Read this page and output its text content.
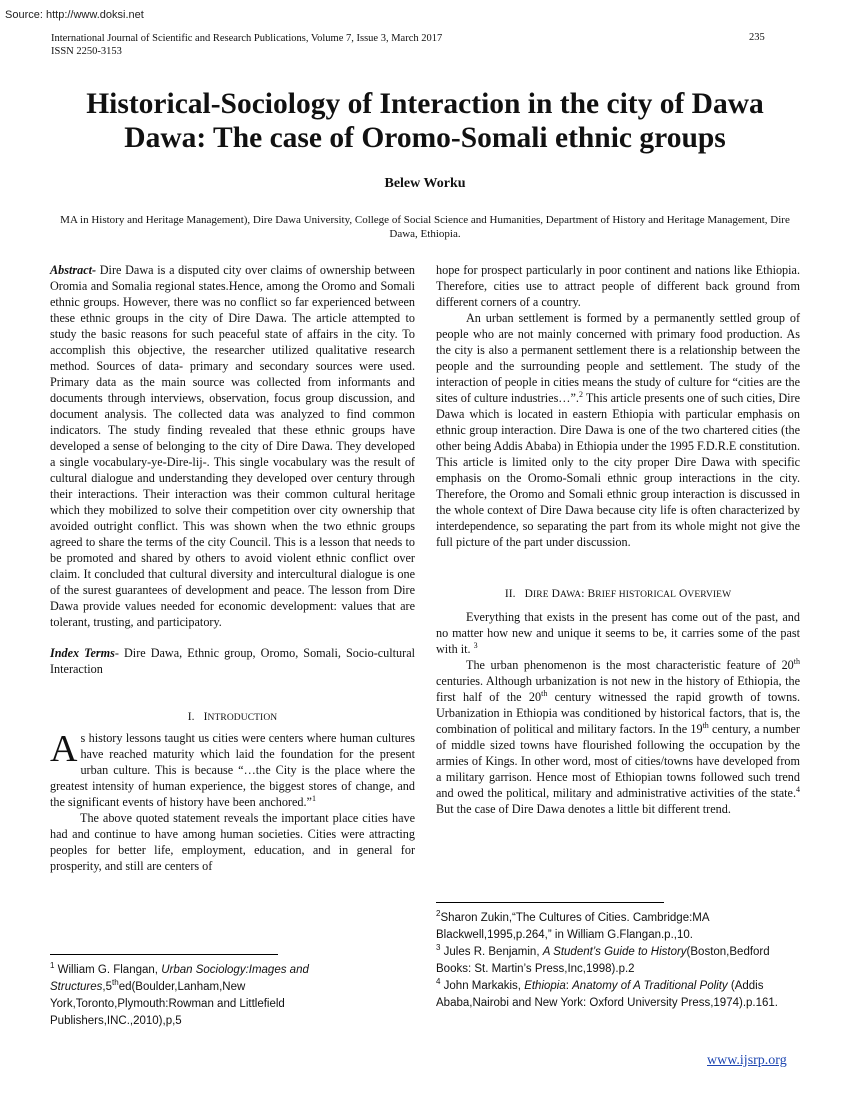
Source: http://www.doksi.net
International Journal of Scientific and Research Publications, Volume 7, Issue 3, March 2017
ISSN 2250-3153
235
Historical-Sociology of Interaction in the city of Dawa
Dawa: The case of Oromo-Somali ethnic groups
Belew Worku
MA in History and Heritage Management), Dire Dawa University, College of Social Science and Humanities, Department of History and Heritage Management, Dire Dawa, Ethiopia.

Abstract- Dire Dawa is a disputed city over claims of ownership between Oromia and Somalia regional states.Hence, among the Oromo and Somali ethnic groups. However, there was no conflict so far experienced between these ethnic groups in the city of Dire Dawa. The article attempted to study the basic reasons for such peaceful state of affairs in the city. To accomplish this objective, the researcher utilized qualitative research method. Sources of data- primary and secondary sources were used. Primary data as the main source was collected from informants and documents through interviews, observation, focus group discussion, and document analysis. The collected data was analyzed to find common indicators. The study finding revealed that these ethnic groups have developed a sense of belonging to the city of Dire Dawa. They developed a single vocabulary-ye-Dire-lij-. This single vocabulary was the result of cultural dialogue and understanding they developed over century through their interactions. Their interaction was their common cultural heritage which they mobilized to solve their competition over city ownership that avoided outright conflict. This was shown when the two ethnic groups agreed to share the terms of the city Council. This is a lesson that needs to be promoted and shared by others to avoid violent ethnic conflict over claim. It concluded that cultural diversity and intercultural dialogue is one of the surest guarantees of development and peace. The lesson from Dire Dawa provide values needed for economic development: values that are tolerant, trusting, and participatory.

Index Terms- Dire Dawa, Ethnic group, Oromo, Somali, Socio-cultural Interaction

I. INTRODUCTION

As history lessons taught us cities were centers where human cultures have reached maturity which laid the foundation for the present urban culture. This is because “…the City is the place where the greatest intensity of human experience, the biggest stores of change, and the significant events of history have been anchored.”$^1$

The above quoted statement reveals the important place cities have had and continue to have among human societies. Cities were attracting peoples for better life, employment, education, and in general for prosperity, and still are centers of

hope for prospect particularly in poor continent and nations like Ethiopia. Therefore, cities use to attract people of different back ground from different corners of a country.

An urban settlement is formed by a permanently settled group of people who are not mainly concerned with primary food production. As the city is also a permanent settlement there is a relationship between the people and the surrounding people and settlement. The study of the interaction of people in cities means the study of culture for “cities are the sites of culture industries…”.$^2$ This article presents one of such cities, Dire Dawa which is located in eastern Ethiopia with particular emphasis on ethnic group interaction. Dire Dawa is one of the two chartered cities (the other being Addis Ababa) in Ethiopia under the 1995 F.D.R.E constitution. This article is limited only to the city proper Dire Dawa with specific emphasis on the Oromo-Somali ethnic group interactions in the city. Therefore, the Oromo and Somali ethnic group interaction is discussed in the whole context of Dire Dawa because city life is often characterized by interdependence, so separating the part from its whole might not give the full picture of the part under discussion.

II. DIRE DAWA: BRIEF HISTORICAL OVERVIEW

Everything that exists in the present has come out of the past, and no matter how new and unique it seems to be, it carries some of the past with it. $^3$

The urban phenomenon is the most characteristic feature of 20th centuries. Although urbanization is not new in the history of Ethiopia, the first half of the 20th century witnessed the rapid growth of towns. Urbanization in Ethiopia was conditioned by historical factors, that is, the combination of political and military factors. In the 19th century, a number of middle sized towns have flourished following the occupation by the armies of Kings. In other word, most of cities/towns have developed from a military garrison. Hence most of Ethiopian towns followed such trend and owed the political, military and administrative activities of the state.$^4$ But the case of Dire Dawa denotes a little bit different trend.

$^1$ William G. Flangan, Urban Sociology:Images and Structures,5thed(Boulder,Lanham,New York,Toronto,Plymouth:Rowman and Littlefield Publishers,INC.,2010),p,5

$^2$Sharon Zukin,“The Cultures of Cities. Cambridge:MA Blackwell,1995,p.264,” in William G.Flangan.p.,10.

$^3$ Jules R. Benjamin, A Student’s Guide to History(Boston,Bedford Books: St. Martin’s Press,Inc,1998).p.2

$^4$ John Markakis, Ethiopia: Anatomy of A Traditional Polity (Addis Ababa,Nairobi and New York: Oxford University Press,1974).p.161.

www.ijsrp.org
